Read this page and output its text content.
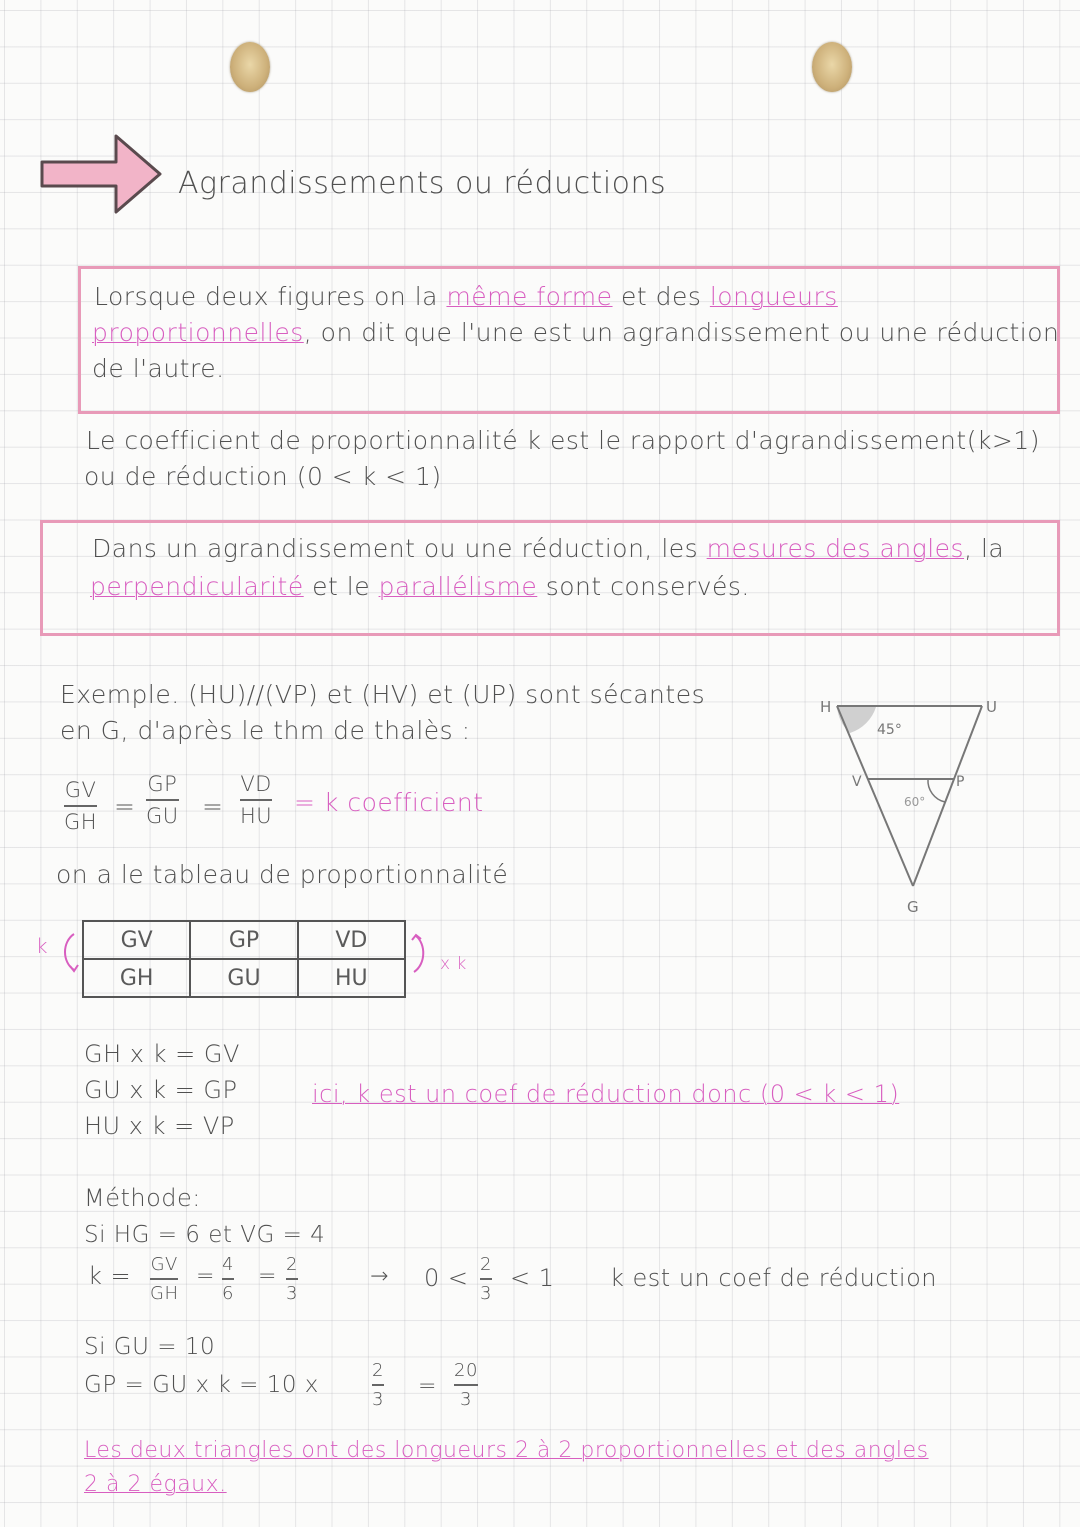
Agrandissements ou réductions
Lorsque deux figures on la même forme et des longueurs
proportionnelles, on dit que l'une est un agrandissement ou une réduction
de l'autre.
Le coefficient de proportionnalité k est le rapport d'agrandissement(k>1)
ou de réduction (0 < k < 1)
Dans un agrandissement ou une réduction, les mesures des angles, la
perpendicularité et le parallélisme sont conservés.
Exemple. (HU)//(VP) et (HV) et (UP) sont sécantes
en G, d'après le thm de thalès :
GV
GH
=
GP
GU =
VD
HU = k coefficient
on a le tableau de proportionnalité
H	U
V	P
G
45°
60°
k	GV	GP	VD
GH	GU	HU
x k
GH x k = GV
GU x k = GP
HU x k = VP
ici, k est un coef de réduction donc (0 < k < 1)
Méthode:
Si HG = 6 et VG = 4
k = GV
GH
= 4
6
= 2
3
→ 0 < 2
3
< 1 k est un coef de réduction
Si GU = 10
GP = GU x k = 10 x
2
3
=
20
3
Les deux triangles ont des longueurs 2 à 2 proportionnelles et des angles
2 à 2 égaux.
